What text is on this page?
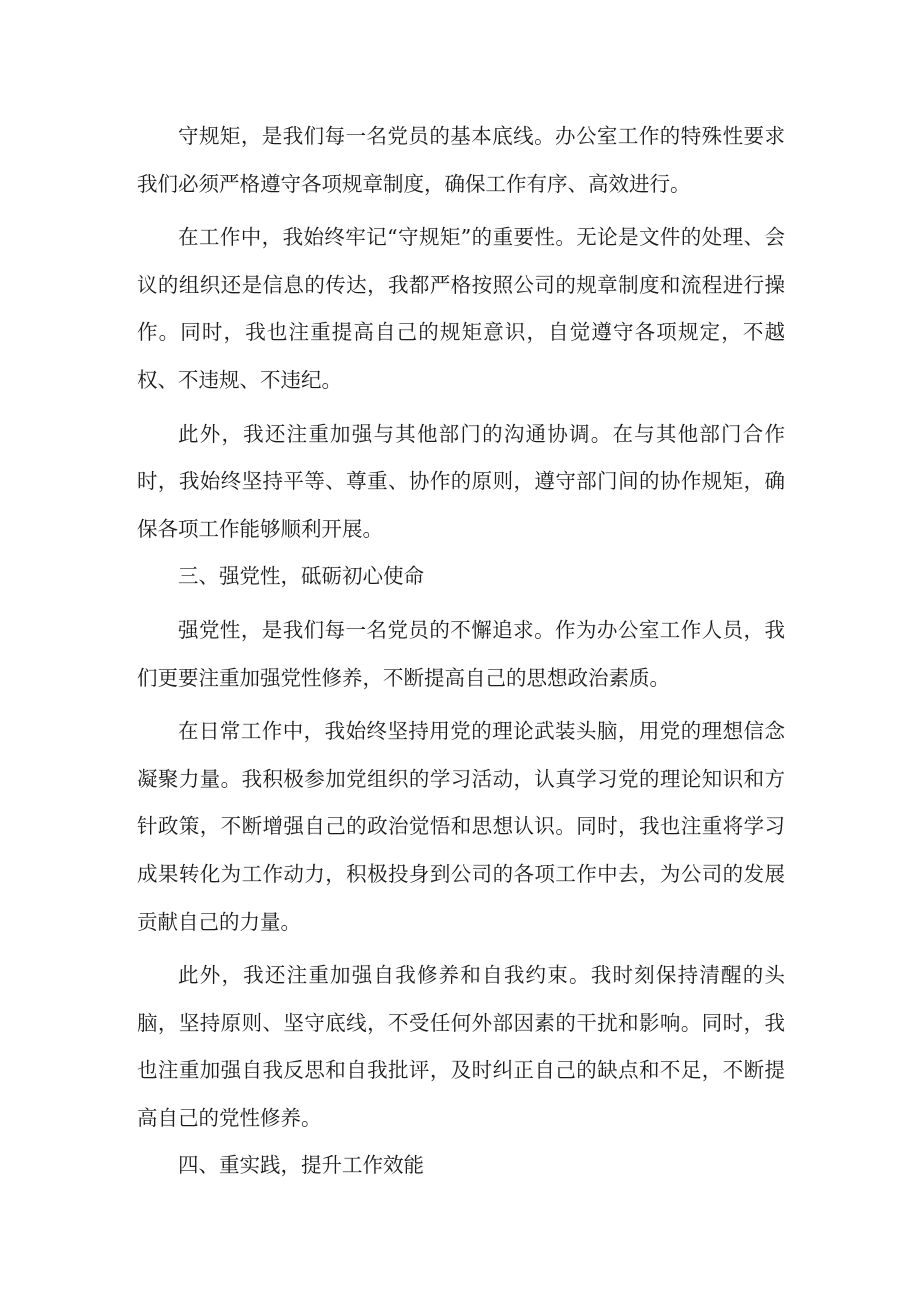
守规矩，是我们每一名党员的基本底线。办公室工作的特殊性要求我们必须严格遵守各项规章制度，确保工作有序、高效进行。

在工作中，我始终牢记“守规矩”的重要性。无论是文件的处理、会议的组织还是信息的传达，我都严格按照公司的规章制度和流程进行操作。同时，我也注重提高自己的规矩意识，自觉遵守各项规定，不越权、不违规、不违纪。

此外，我还注重加强与其他部门的沟通协调。在与其他部门合作时，我始终坚持平等、尊重、协作的原则，遵守部门间的协作规矩，确保各项工作能够顺利开展。

三、强党性，砥砺初心使命

强党性，是我们每一名党员的不懈追求。作为办公室工作人员，我们更要注重加强党性修养，不断提高自己的思想政治素质。

在日常工作中，我始终坚持用党的理论武装头脑，用党的理想信念凝聚力量。我积极参加党组织的学习活动，认真学习党的理论知识和方针政策，不断增强自己的政治觉悟和思想认识。同时，我也注重将学习成果转化为工作动力，积极投身到公司的各项工作中去，为公司的发展贡献自己的力量。

此外，我还注重加强自我修养和自我约束。我时刻保持清醒的头脑，坚持原则、坚守底线，不受任何外部因素的干扰和影响。同时，我也注重加强自我反思和自我批评，及时纠正自己的缺点和不足，不断提高自己的党性修养。

四、重实践，提升工作效能
